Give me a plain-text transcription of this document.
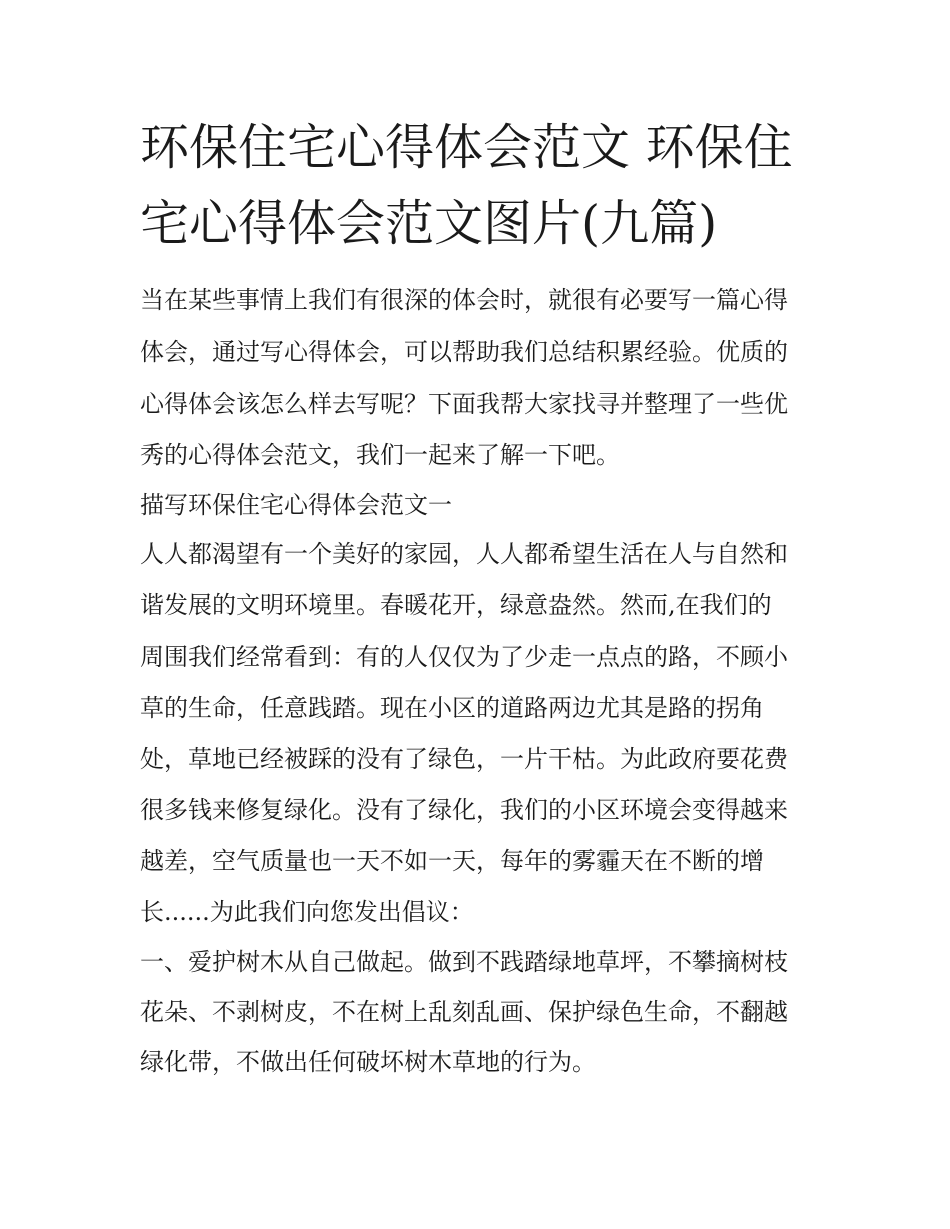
环保住宅心得体会范文 环保住
宅心得体会范文图片(九篇)

当在某些事情上我们有很深的体会时，就很有必要写一篇心得

体会，通过写心得体会，可以帮助我们总结积累经验。优质的

心得体会该怎么样去写呢？下面我帮大家找寻并整理了一些优

秀的心得体会范文，我们一起来了解一下吧。

描写环保住宅心得体会范文一

人人都渴望有一个美好的家园，人人都希望生活在人与自然和

谐发展的文明环境里。春暖花开，绿意盎然。然而,在我们的

周围我们经常看到：有的人仅仅为了少走一点点的路，不顾小

草的生命，任意践踏。现在小区的道路两边尤其是路的拐角

处，草地已经被踩的没有了绿色，一片干枯。为此政府要花费

很多钱来修复绿化。没有了绿化，我们的小区环境会变得越来

越差，空气质量也一天不如一天，每年的雾霾天在不断的增

长......为此我们向您发出倡议：

一、爱护树木从自己做起。做到不践踏绿地草坪，不攀摘树枝

花朵、不剥树皮，不在树上乱刻乱画、保护绿色生命，不翻越

绿化带，不做出任何破坏树木草地的行为。
